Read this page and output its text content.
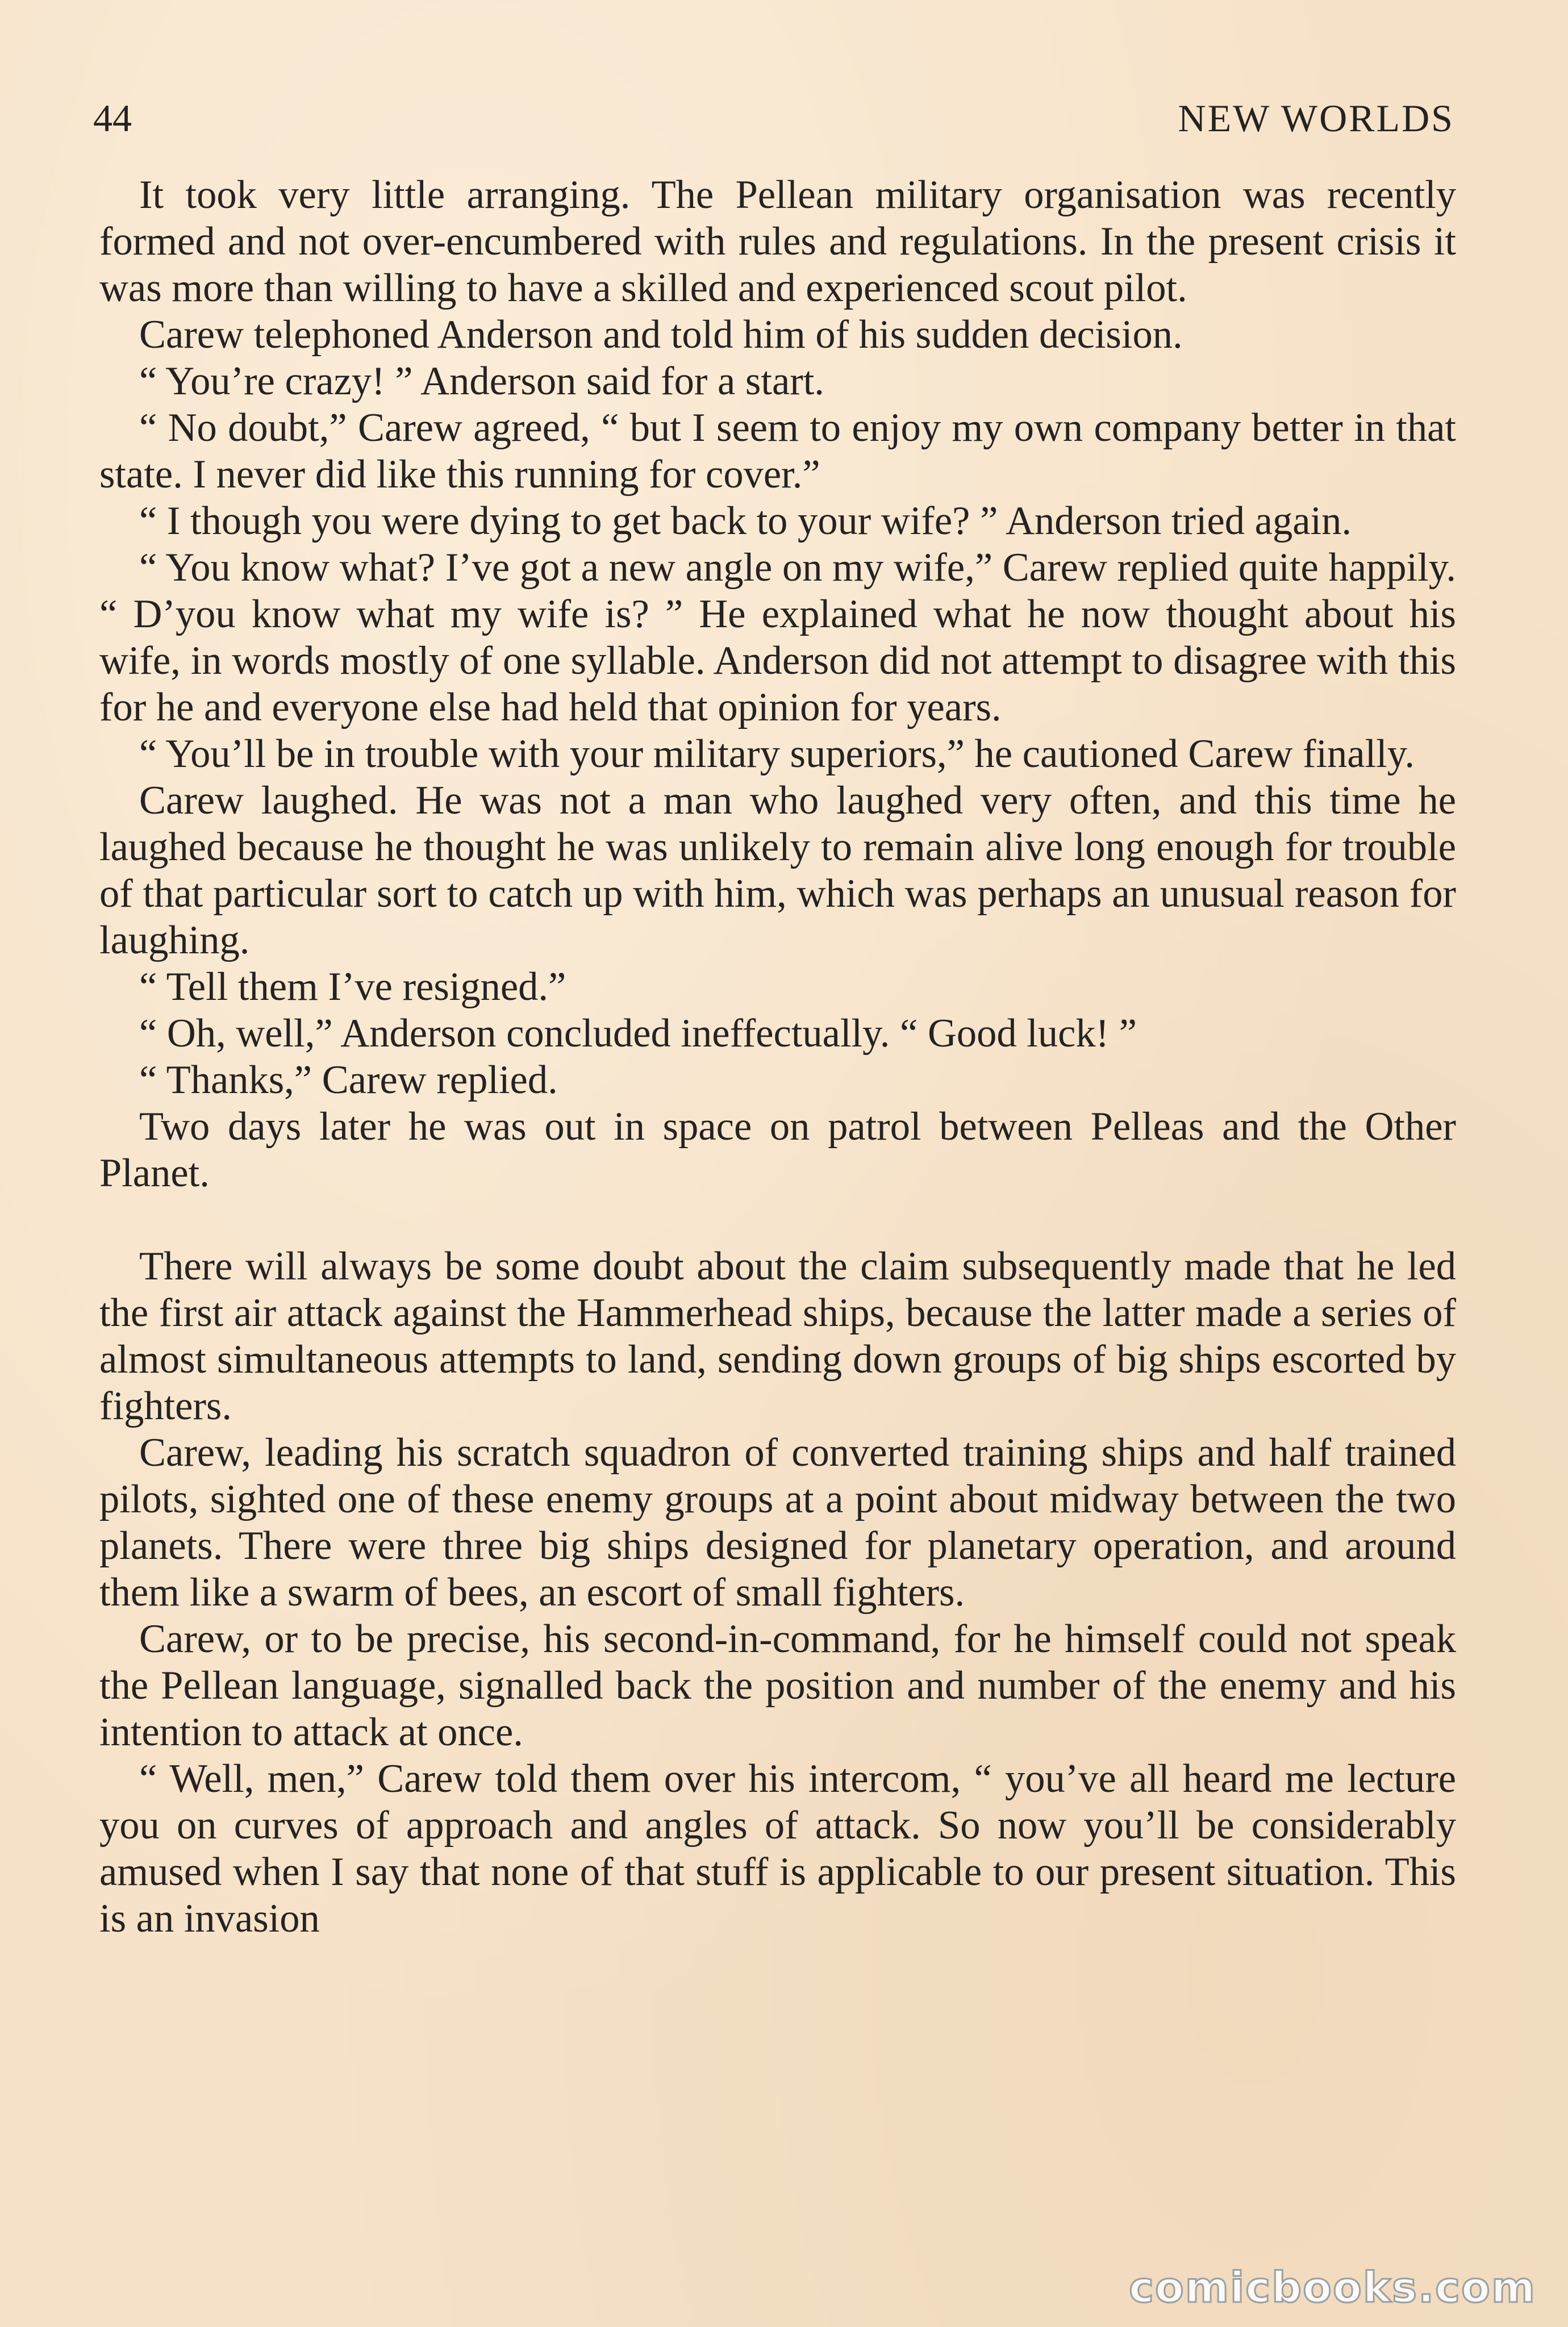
44	NEW WORLDS

It took very little arranging. The Pellean military organisation was recently formed and not over-encumbered with rules and regulations. In the present crisis it was more than willing to have a skilled and experienced scout pilot.

Carew telephoned Anderson and told him of his sudden decision.

“ You’re crazy! ” Anderson said for a start.

“ No doubt,” Carew agreed, “ but I seem to enjoy my own company better in that state. I never did like this running for cover.”

“ I though you were dying to get back to your wife? ” Anderson tried again.

“ You know what? I’ve got a new angle on my wife,” Carew replied quite happily. “ D’you know what my wife is? ” He explained what he now thought about his wife, in words mostly of one syllable. Anderson did not attempt to disagree with this for he and everyone else had held that opinion for years.

“ You’ll be in trouble with your military superiors,” he cautioned Carew finally.

Carew laughed. He was not a man who laughed very often, and this time he laughed because he thought he was unlikely to remain alive long enough for trouble of that particular sort to catch up with him, which was perhaps an unusual reason for laughing.

“ Tell them I’ve resigned.”

“ Oh, well,” Anderson concluded ineffectually. “ Good luck! ”

“ Thanks,” Carew replied.

Two days later he was out in space on patrol between Pelleas and the Other Planet.

There will always be some doubt about the claim subsequently made that he led the first air attack against the Hammerhead ships, because the latter made a series of almost simultaneous attempts to land, sending down groups of big ships escorted by fighters.

Carew, leading his scratch squadron of converted training ships and half trained pilots, sighted one of these enemy groups at a point about midway between the two planets. There were three big ships designed for planetary operation, and around them like a swarm of bees, an escort of small fighters.

Carew, or to be precise, his second-in-command, for he himself could not speak the Pellean language, signalled back the position and number of the enemy and his intention to attack at once.

“ Well, men,” Carew told them over his intercom, “ you’ve all heard me lecture you on curves of approach and angles of attack. So now you’ll be considerably amused when I say that none of that stuff is applicable to our present situation. This is an invasion

comicbooks.com
